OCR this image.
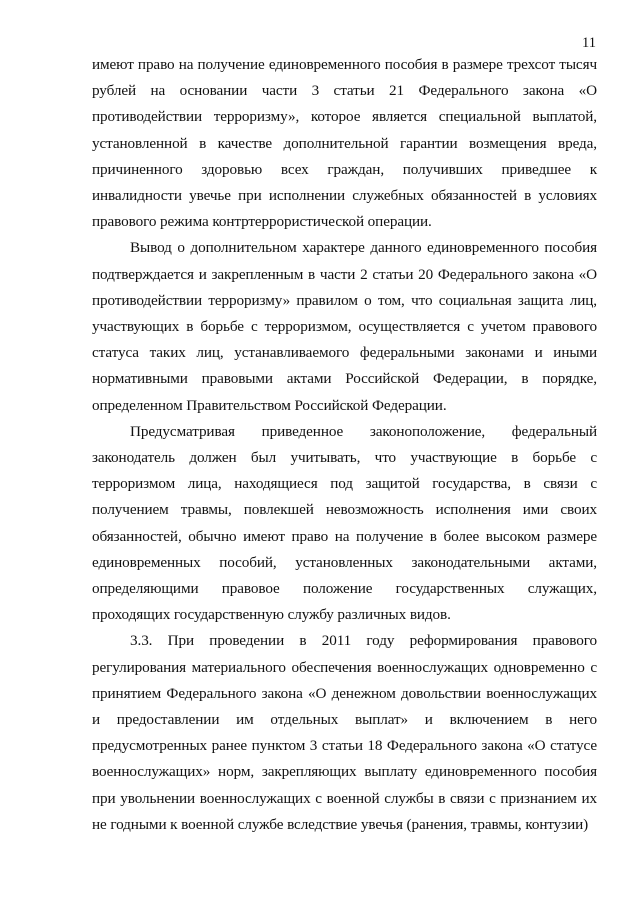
11

имеют право на получение единовременного пособия в размере трехсот тысяч рублей на основании части 3 статьи 21 Федерального закона «О противодействии терроризму», которое является специальной выплатой, установленной в качестве дополнительной гарантии возмещения вреда, причиненного здоровью всех граждан, получивших приведшее к инвалидности увечье при исполнении служебных обязанностей в условиях правового режима контртеррористической операции.

Вывод о дополнительном характере данного единовременного пособия подтверждается и закрепленным в части 2 статьи 20 Федерального закона «О противодействии терроризму» правилом о том, что социальная защита лиц, участвующих в борьбе с терроризмом, осуществляется с учетом правового статуса таких лиц, устанавливаемого федеральными законами и иными нормативными правовыми актами Российской Федерации, в порядке, определенном Правительством Российской Федерации.

Предусматривая приведенное законоположение, федеральный законодатель должен был учитывать, что участвующие в борьбе с терроризмом лица, находящиеся под защитой государства, в связи с получением травмы, повлекшей невозможность исполнения ими своих обязанностей, обычно имеют право на получение в более высоком размере единовременных пособий, установленных законодательными актами, определяющими правовое положение государственных служащих, проходящих государственную службу различных видов.

3.3. При проведении в 2011 году реформирования правового регулирования материального обеспечения военнослужащих одновременно с принятием Федерального закона «О денежном довольствии военнослужащих и предоставлении им отдельных выплат» и включением в него предусмотренных ранее пунктом 3 статьи 18 Федерального закона «О статусе военнослужащих» норм, закрепляющих выплату единовременного пособия при увольнении военнослужащих с военной службы в связи с признанием их не годными к военной службе вследствие увечья (ранения, травмы, контузии)
